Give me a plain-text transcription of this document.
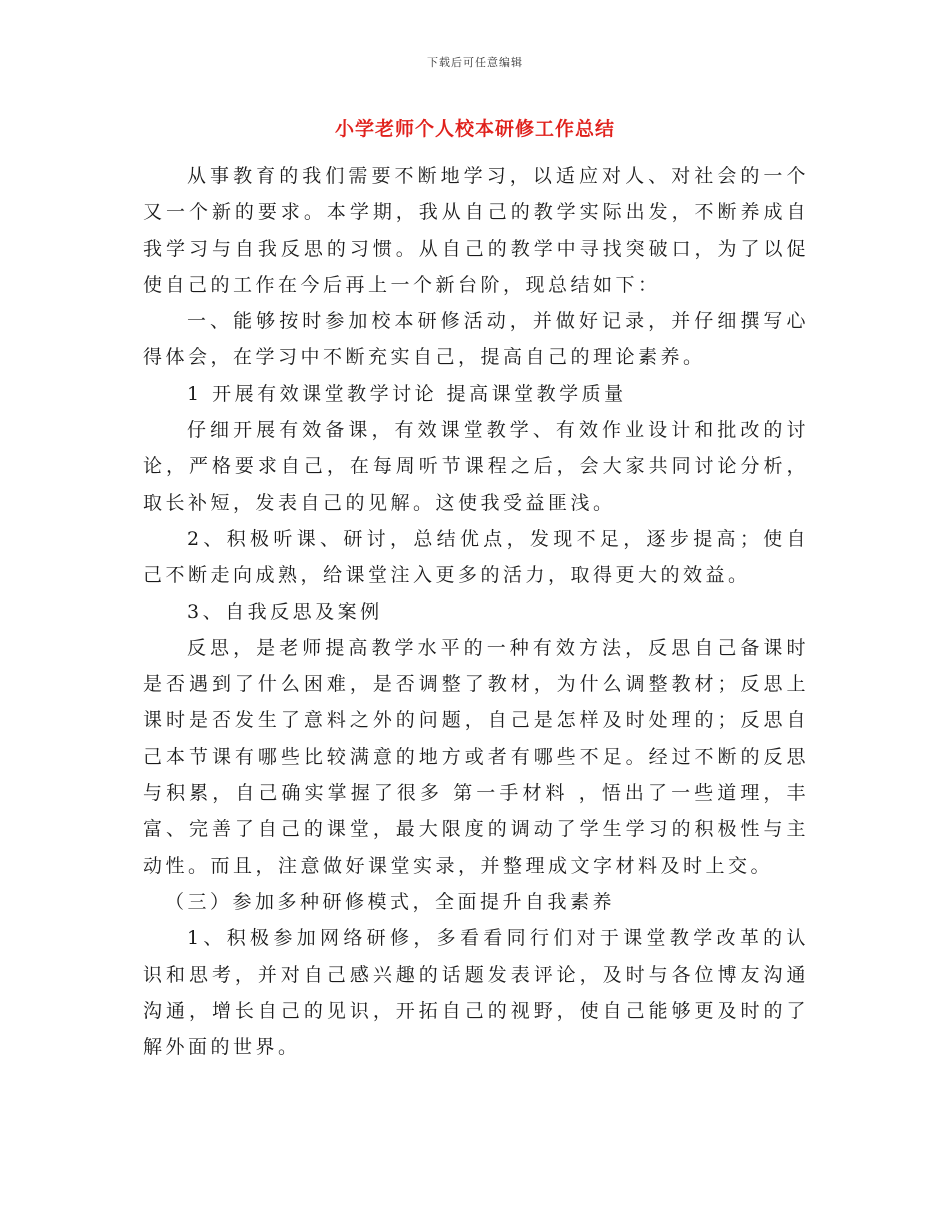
下载后可任意编辑
小学老师个人校本研修工作总结

从事教育的我们需要不断地学习，以适应对人、对社会的一个又一个新的要求。本学期，我从自己的教学实际出发，不断养成自我学习与自我反思的习惯。从自己的教学中寻找突破口，为了以促使自己的工作在今后再上一个新台阶，现总结如下：

一、能够按时参加校本研修活动，并做好记录，并仔细撰写心得体会，在学习中不断充实自己，提高自己的理论素养。

1 开展有效课堂教学讨论 提高课堂教学质量

仔细开展有效备课，有效课堂教学、有效作业设计和批改的讨论，严格要求自己，在每周听节课程之后，会大家共同讨论分析，取长补短，发表自己的见解。这使我受益匪浅。

2、积极听课、研讨，总结优点，发现不足，逐步提高；使自己不断走向成熟，给课堂注入更多的活力，取得更大的效益。

3、自我反思及案例

反思，是老师提高教学水平的一种有效方法，反思自己备课时是否遇到了什么困难，是否调整了教材，为什么调整教材；反思上课时是否发生了意料之外的问题，自己是怎样及时处理的；反思自己本节课有哪些比较满意的地方或者有哪些不足。经过不断的反思与积累，自己确实掌握了很多 第一手材料 ，悟出了一些道理，丰富、完善了自己的课堂，最大限度的调动了学生学习的积极性与主动性。而且，注意做好课堂实录，并整理成文字材料及时上交。

（三）参加多种研修模式，全面提升自我素养

1、积极参加网络研修，多看看同行们对于课堂教学改革的认识和思考，并对自己感兴趣的话题发表评论，及时与各位博友沟通沟通，增长自己的见识，开拓自己的视野，使自己能够更及时的了解外面的世界。
